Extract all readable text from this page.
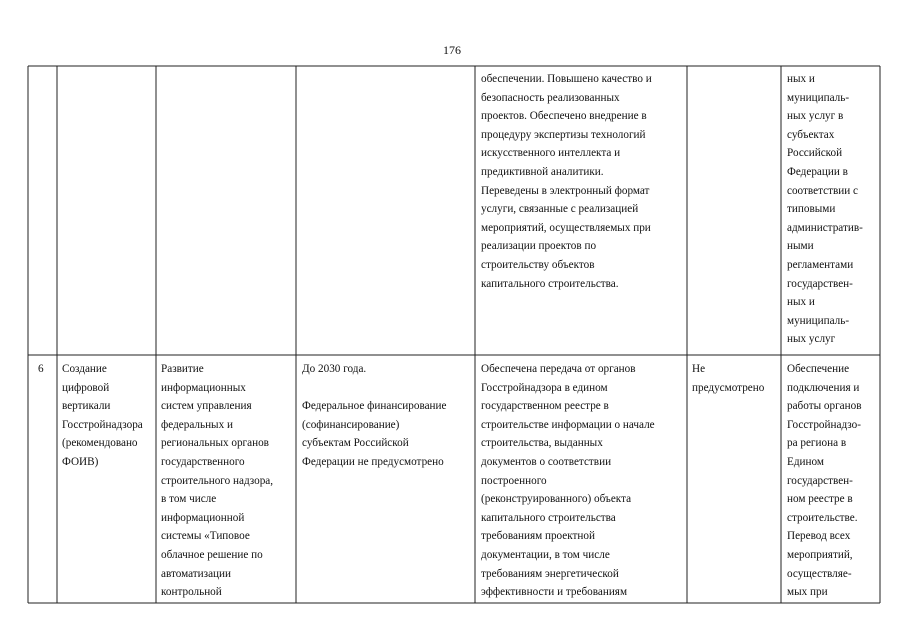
176
обеспечении. Повышено качество и
безопасность реализованных
проектов. Обеспечено внедрение в
процедуру экспертизы технологий
искусственного интеллекта и
предиктивной аналитики.
Переведены в электронный формат
услуги, связанные с реализацией
мероприятий, осуществляемых при
реализации проектов по
строительству объектов
капитального строительства.
ных и
муниципаль-
ных услуг в
субъектах
Российской
Федерации в
соответствии с
типовыми
административ-
ными
регламентами
государствен-
ных и
муниципаль-
ных услуг
6	Создание
цифровой
вертикали
Госстройнадзора
(рекомендовано
ФОИВ)
Развитие
информационных
систем управления
федеральных и
региональных органов
государственного
строительного надзора,
в том числе
информационной
системы «Типовое
облачное решение по
автоматизации
контрольной
До 2030 года.

Федеральное финансирование
(софинансирование)
субъектам Российской
Федерации не предусмотрено
Обеспечена передача от органов
Госстройнадзора в едином
государственном реестре в
строительстве информации о начале
строительства, выданных
документов о соответствии
построенного
(реконструированного) объекта
капитального строительства
требованиям проектной
документации, в том числе
требованиям энергетической
эффективности и требованиям
Не
предусмотрено
Обеспечение
подключения и
работы органов
Госстройнадзо-
ра региона в
Едином
государствен-
ном реестре в
строительстве.
Перевод всех
мероприятий,
осуществляе-
мых при
